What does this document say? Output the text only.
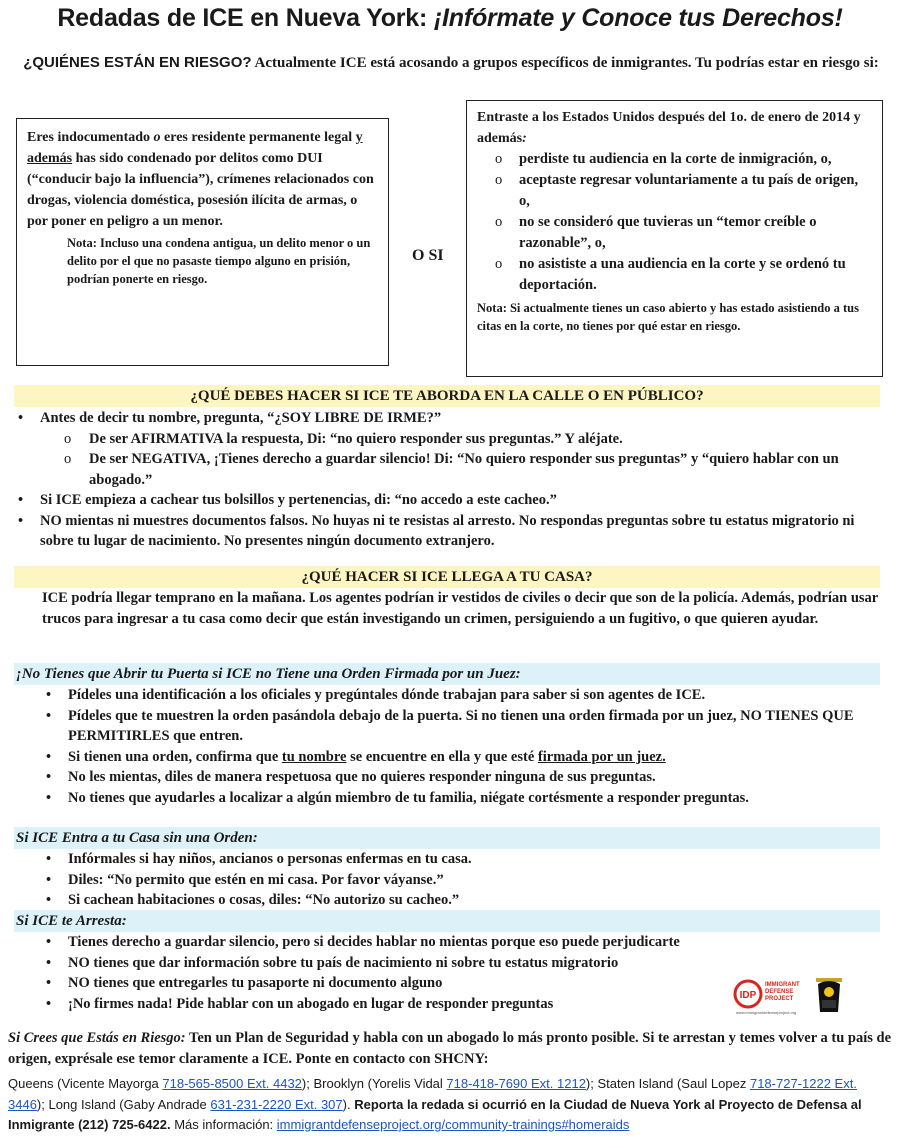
Redadas de ICE en Nueva York: ¡Infórmate y Conoce tus Derechos!
¿QUIÉNES ESTÁN EN RIESGO? Actualmente ICE está acosando a grupos específicos de inmigrantes. Tu podrías estar en riesgo si:

Eres indocumentado o eres residente permanente legal y además has sido condenado por delitos como DUI (“conducir bajo la influencia”), crímenes relacionados con drogas, violencia doméstica, posesión ilícita de armas, o por poner en peligro a un menor.

Nota: Incluso una condena antigua, un delito menor o un delito por el que no pasaste tiempo alguno en prisión, podrían ponerte en riesgo.

O SI

Entraste a los Estados Unidos después del 1o. de enero de 2014 y además:

o perdiste tu audiencia en la corte de inmigración, o,
o aceptaste regresar voluntariamente a tu país de origen, o,
o no se consideró que tuvieras un “temor creíble o razonable”, o,
o no asististe a una audiencia en la corte y se ordenó tu deportación.

Nota: Si actualmente tienes un caso abierto y has estado asistiendo a tus citas en la corte, no tienes por qué estar en riesgo.

¿QUÉ DEBES HACER SI ICE TE ABORDA EN LA CALLE O EN PÚBLICO?
• Antes de decir tu nombre, pregunta, “¿SOY LIBRE DE IRME?”
o De ser AFIRMATIVA la respuesta, Di: “no quiero responder sus preguntas.” Y aléjate.
o De ser NEGATIVA, ¡Tienes derecho a guardar silencio! Di: “No quiero responder sus preguntas” y “quiero hablar con un abogado.”
• Si ICE empieza a cachear tus bolsillos y pertenencias, di: “no accedo a este cacheo.”
• NO mientas ni muestres documentos falsos. No huyas ni te resistas al arresto. No respondas preguntas sobre tu estatus migratorio ni sobre tu lugar de nacimiento. No presentes ningún documento extranjero.
¿QUÉ HACER SI ICE LLEGA A TU CASA?

ICE podría llegar temprano en la mañana. Los agentes podrían ir vestidos de civiles o decir que son de la policía. Además, podrían usar trucos para ingresar a tu casa como decir que están investigando un crimen, persiguiendo a un fugitivo, o que quieren ayudar.

¡No Tienes que Abrir tu Puerta si ICE no Tiene una Orden Firmada por un Juez:
• Pídeles una identificación a los oficiales y pregúntales dónde trabajan para saber si son agentes de ICE.
• Pídeles que te muestren la orden pasándola debajo de la puerta. Si no tienen una orden firmada por un juez, NO TIENES QUE PERMITIRLES que entren.
• Si tienen una orden, confirma que tu nombre se encuentre en ella y que esté firmada por un juez.
• No les mientas, diles de manera respetuosa que no quieres responder ninguna de sus preguntas.
• No tienes que ayudarles a localizar a algún miembro de tu familia, niégate cortésmente a responder preguntas.
Si ICE Entra a tu Casa sin una Orden:
• Infórmales si hay niños, ancianos o personas enfermas en tu casa.
• Diles: “No permito que estén en mi casa. Por favor váyanse.”
• Si cachean habitaciones o cosas, diles: “No autorizo su cacheo.”
Si ICE te Arresta:
• Tienes derecho a guardar silencio, pero si decides hablar no mientas porque eso puede perjudicarte
• NO tienes que dar información sobre tu país de nacimiento ni sobre tu estatus migratorio
• NO tienes que entregarles tu pasaporte ni documento alguno
• ¡No firmes nada! Pide hablar con un abogado en lugar de responder preguntas	IDP
IMMIGRANT
DEFENSE
PROJECT
www.immigrantdefenseproject.org

Si Crees que Estás en Riesgo: Ten un Plan de Seguridad y habla con un abogado lo más pronto posible. Si te arrestan y temes volver a tu país de origen, exprésale ese temor claramente a ICE. Ponte en contacto con SHCNY:

Queens (Vicente Mayorga 718-565-8500 Ext. 4432); Brooklyn (Yorelis Vidal 718-418-7690 Ext. 1212); Staten Island (Saul Lopez 718-727-1222 Ext. 3446); Long Island (Gaby Andrade 631-231-2220 Ext. 307). Reporta la redada si ocurrió en la Ciudad de Nueva York al Proyecto de Defensa al Inmigrante (212) 725-6422. Más información: immigrantdefenseproject.org/community-trainings#homeraids
